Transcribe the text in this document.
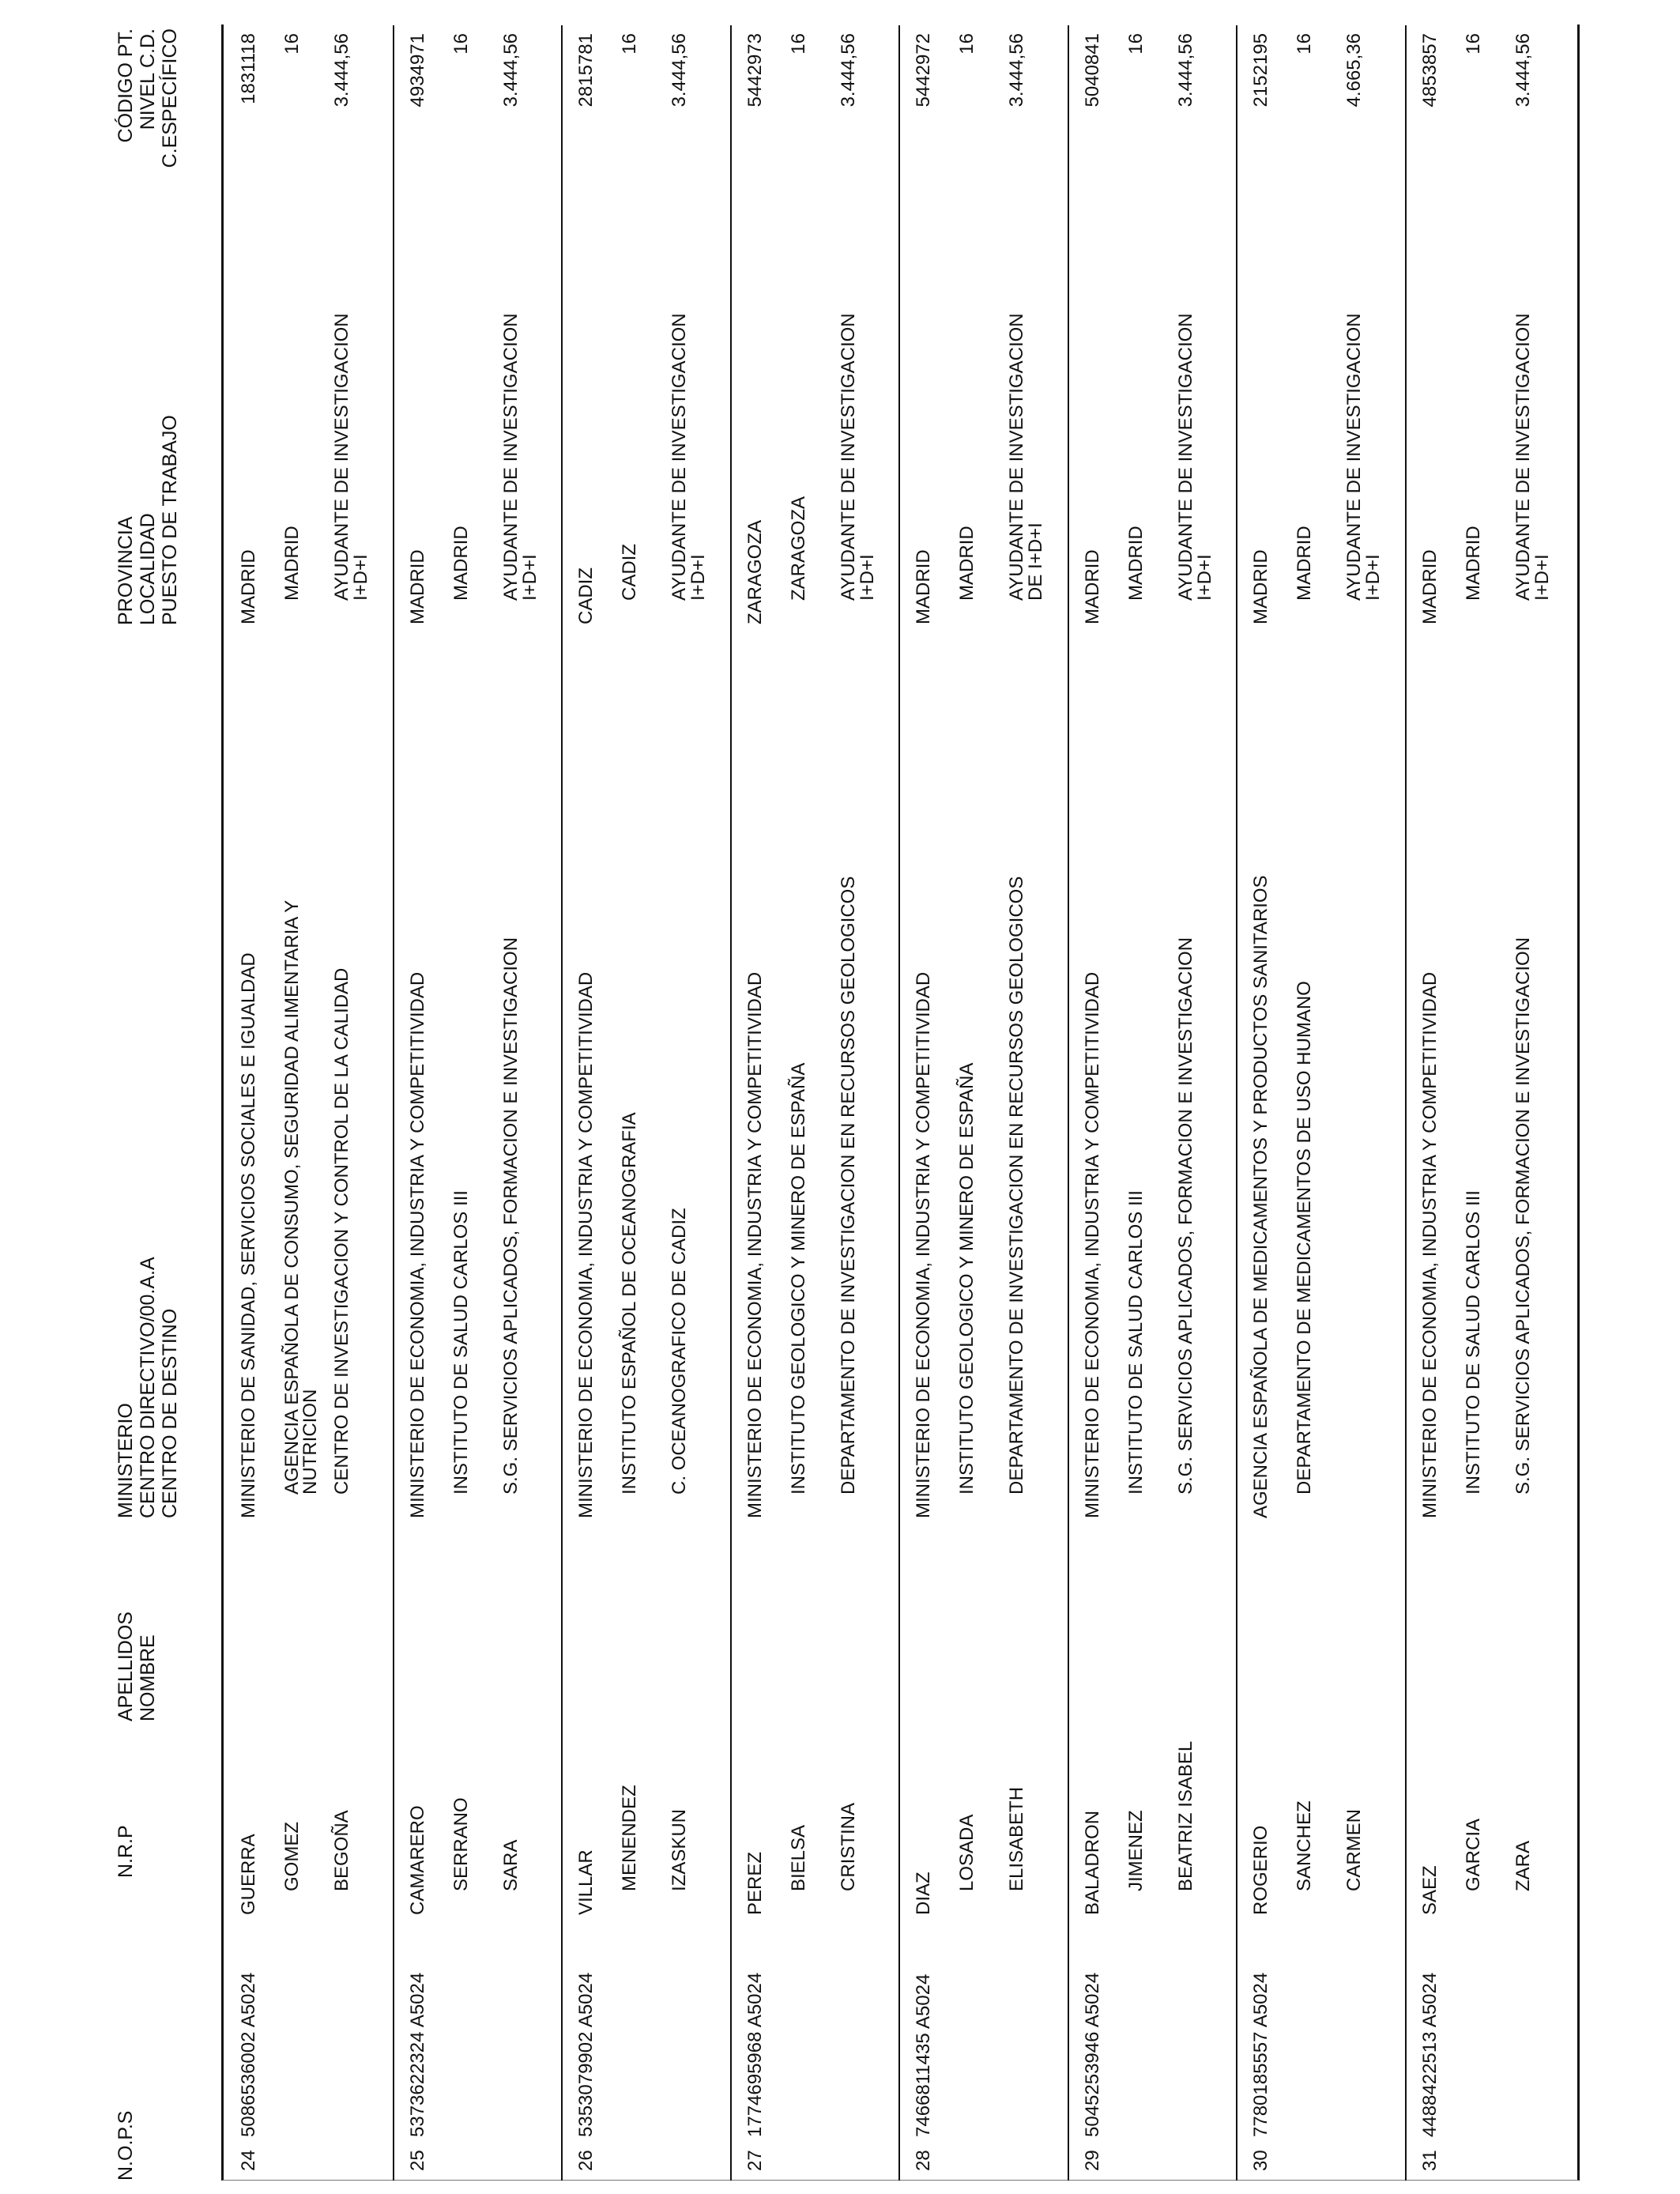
N.O.P.S
N.R.P
APELLIDOS NOMBRE
MINISTERIO CENTRO DIRECTIVO/00.A.A CENTRO DE DESTINO
PROVINCIA LOCALIDAD PUESTO DE TRABAJO
CÓDIGO PT. NIVEL C.D. C.ESPECÍFICO
24
5086536002 A5024
GUERRA GOMEZ BEGOÑA
MINISTERIO DE SANIDAD, SERVICIOS SOCIALES E IGUALDAD AGENCIA ESPAÑOLA DE CONSUMO, SEGURIDAD ALIMENTARIA Y
NUTRICION CENTRO DE INVESTIGACION Y CONTROL DE LA CALIDAD
MADRID MADRID AYUDANTE DE INVESTIGACION
I+D+I
1831118 16 3.444,56
25
5373622324 A5024
CAMARERO SERRANO SARA
MINISTERIO DE ECONOMIA, INDUSTRIA Y COMPETITIVIDAD INSTITUTO DE SALUD CARLOS III S.G. SERVICIOS APLICADOS, FORMACION E INVESTIGACION
MADRID MADRID AYUDANTE DE INVESTIGACION
I+D+I
4934971 16 3.444,56
26
5353079902 A5024
VILLAR MENENDEZ IZASKUN
MINISTERIO DE ECONOMIA, INDUSTRIA Y COMPETITIVIDAD INSTITUTO ESPAÑOL DE OCEANOGRAFIA C. OCEANOGRAFICO DE CADIZ
CADIZ CADIZ AYUDANTE DE INVESTIGACION
I+D+I
2815781 16 3.444,56
27
1774695968 A5024
PEREZ BIELSA CRISTINA
MINISTERIO DE ECONOMIA, INDUSTRIA Y COMPETITIVIDAD INSTITUTO GEOLOGICO Y MINERO DE ESPAÑA DEPARTAMENTO DE INVESTIGACION EN RECURSOS GEOLOGICOS
ZARAGOZA ZARAGOZA AYUDANTE DE INVESTIGACION
I+D+I
5442973 16 3.444,56
28
7466811435 A5024
DIAZ
LOSADA ELISABETH
MINISTERIO DE ECONOMIA, INDUSTRIA Y COMPETITIVIDAD INSTITUTO GEOLOGICO Y MINERO DE ESPAÑA DEPARTAMENTO DE INVESTIGACION EN RECURSOS GEOLOGICOS
MADRID MADRID AYUDANTE DE INVESTIGACION
DE I+D+I
5442972 16 3.444,56
29
5045253946 A5024
BALADRON JIMENEZ BEATRIZ ISABEL
MINISTERIO DE ECONOMIA, INDUSTRIA Y COMPETITIVIDAD INSTITUTO DE SALUD CARLOS III S.G. SERVICIOS APLICADOS, FORMACION E INVESTIGACION
MADRID MADRID AYUDANTE DE INVESTIGACION
I+D+I
5040841 16 3.444,56
30
7780185557 A5024
ROGERIO SANCHEZ CARMEN
AGENCIA ESPAÑOLA DE MEDICAMENTOS Y PRODUCTOS SANITARIOS DEPARTAMENTO DE MEDICAMENTOS DE USO HUMANO
MADRID MADRID AYUDANTE DE INVESTIGACION
I+D+I
2152195 16 4.665,36
31
4488422513 A5024
SAEZ GARCIA ZARA
MINISTERIO DE ECONOMIA, INDUSTRIA Y COMPETITIVIDAD INSTITUTO DE SALUD CARLOS III S.G. SERVICIOS APLICADOS, FORMACION E INVESTIGACION
MADRID MADRID AYUDANTE DE INVESTIGACION
I+D+I
4853857 16 3.444,56
